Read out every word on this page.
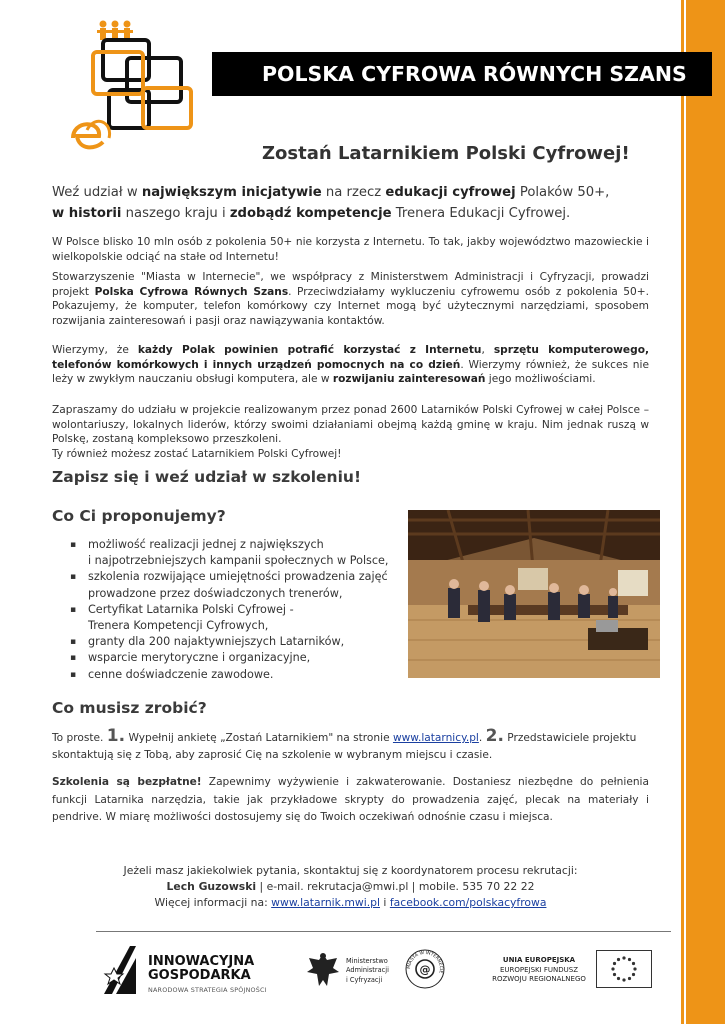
POLSKA CYFROWA RÓWNYCH SZANS
Zostań Latarnikiem Polski Cyfrowej!
Weź udział w największym inicjatywie na rzecz edukacji cyfrowej Polaków 50+,
w historii naszego kraju i zdobądź kompetencje Trenera Edukacji Cyfrowej.
W Polsce blisko 10 mln osób z pokolenia 50+ nie korzysta z Internetu. To tak, jakby województwo mazowieckie i wielkopolskie odciąć na stałe od Internetu!
Stowarzyszenie "Miasta w Internecie", we współpracy z Ministerstwem Administracji i Cyfryzacji, prowadzi projekt Polska Cyfrowa Równych Szans. Przeciwdziałamy wykluczeniu cyfrowemu osób z pokolenia 50+. Pokazujemy, że komputer, telefon komórkowy czy Internet mogą być użytecznymi narzędziami, sposobem rozwijania zainteresowań i pasji oraz nawiązywania kontaktów.
Wierzymy, że każdy Polak powinien potrafić korzystać z Internetu, sprzętu komputerowego, telefonów komórkowych i innych urządzeń pomocnych na co dzień. Wierzymy również, że sukces nie leży w zwykłym nauczaniu obsługi komputera, ale w rozwijaniu zainteresowań jego możliwościami.
Zapraszamy do udziału w projekcie realizowanym przez ponad 2600 Latarników Polski Cyfrowej w całej Polsce – wolontariuszy, lokalnych liderów, którzy swoimi działaniami obejmą każdą gminę w kraju. Nim jednak ruszą w Polskę, zostaną kompleksowo przeszkoleni.
Ty również możesz zostać Latarnikiem Polski Cyfrowej!
Zapisz się i weź udział w szkoleniu!
Co Ci proponujemy?
▪ możliwość realizacji jednej z największych
i najpotrzebniejszych kampanii społecznych w Polsce,
▪ szkolenia rozwijające umiejętności prowadzenia zajęć
prowadzone przez doświadczonych trenerów,
▪ Certyfikat Latarnika Polski Cyfrowej -
Trenera Kompetencji Cyfrowych,
▪ granty dla 200 najaktywniejszych Latarników,
▪ wsparcie merytoryczne i organizacyjne,
▪ cenne doświadczenie zawodowe.
Co musisz zrobić?
To proste. 1. Wypełnij ankietę „Zostań Latarnikiem" na stronie www.latarnicy.pl. 2. Przedstawiciele projektu skontaktują się z Tobą, aby zaprosić Cię na szkolenie w wybranym miejscu i czasie.
Szkolenia są bezpłatne! Zapewnimy wyżywienie i zakwaterowanie. Dostaniesz niezbędne do pełnienia funkcji Latarnika narzędzia, takie jak przykładowe skrypty do prowadzenia zajęć, plecak na materiały i pendrive. W miarę możliwości dostosujemy się do Twoich oczekiwań odnośnie czasu i miejsca.
Jeżeli masz jakiekolwiek pytania, skontaktuj się z koordynatorem procesu rekrutacji:
Lech Guzowski | e-mail. rekrutacja@mwi.pl | mobile. 535 70 22 22
Więcej informacji na: www.latarnik.mwi.pl i facebook.com/polskacyfrowa
INNOWACYJNA
GOSPODARKA
NARODOWA STRATEGIA SPÓJNOŚCI
Ministerstwo
Administracji
i Cyfryzacji
MIASTA W INTERNECIE
@
UNIA EUROPEJSKA
EUROPEJSKI FUNDUSZ
ROZWOJU REGIONALNEGO
